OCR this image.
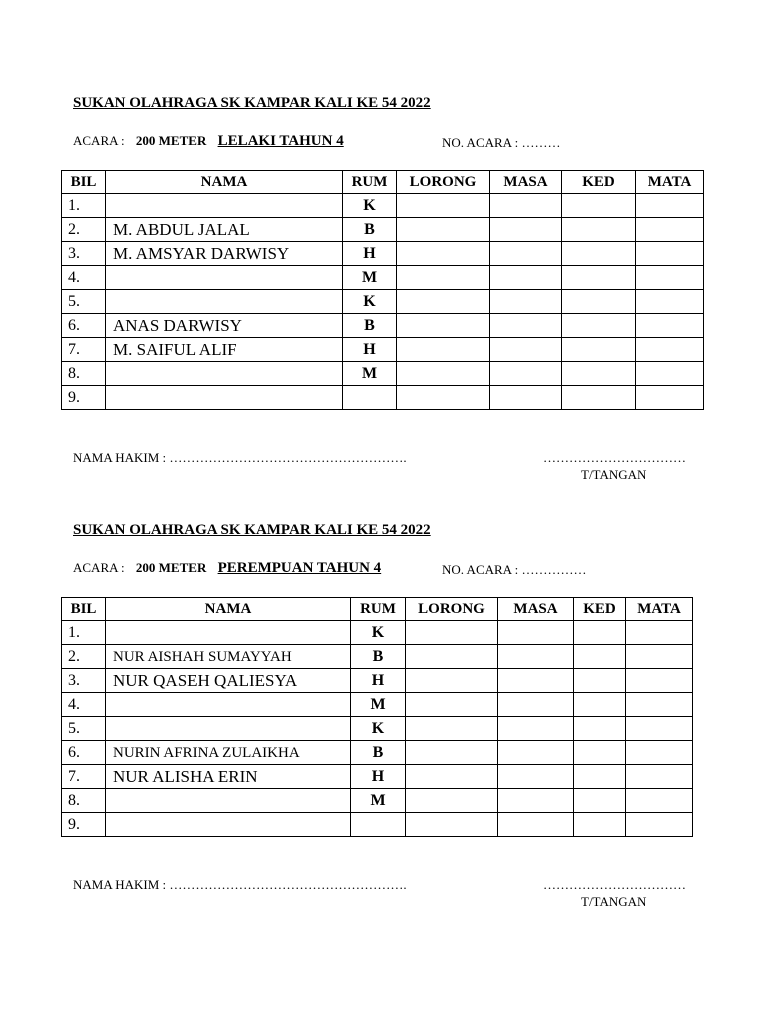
SUKAN OLAHRAGA SK KAMPAR KALI KE 54 2022
ACARA : 200 METER LELAKI TAHUN 4	NO. ACARA : ………
BIL	NAMA	RUM	LORONG	MASA	KED	MATA
1.		K				
2.	M. ABDUL JALAL	B				
3.	M. AMSYAR DARWISY	H				
4.		M				
5.		K				
6.	ANAS DARWISY	B				
7.	M. SAIFUL ALIF	H				
8.		M				
9.						
NAMA HAKIM : ……………………………………………….	……………………………
T/TANGAN
SUKAN OLAHRAGA SK KAMPAR KALI KE 54 2022
ACARA : 200 METER PEREMPUAN TAHUN 4	NO. ACARA : ……………
BIL	NAMA	RUM	LORONG	MASA	KED	MATA
1.		K				
2.	NUR AISHAH SUMAYYAH	B				
3.	NUR QASEH QALIESYA	H				
4.		M				
5.		K				
6.	NURIN AFRINA ZULAIKHA	B				
7.	NUR ALISHA ERIN	H				
8.		M				
9.						
NAMA HAKIM : ……………………………………………….	……………………………
T/TANGAN
